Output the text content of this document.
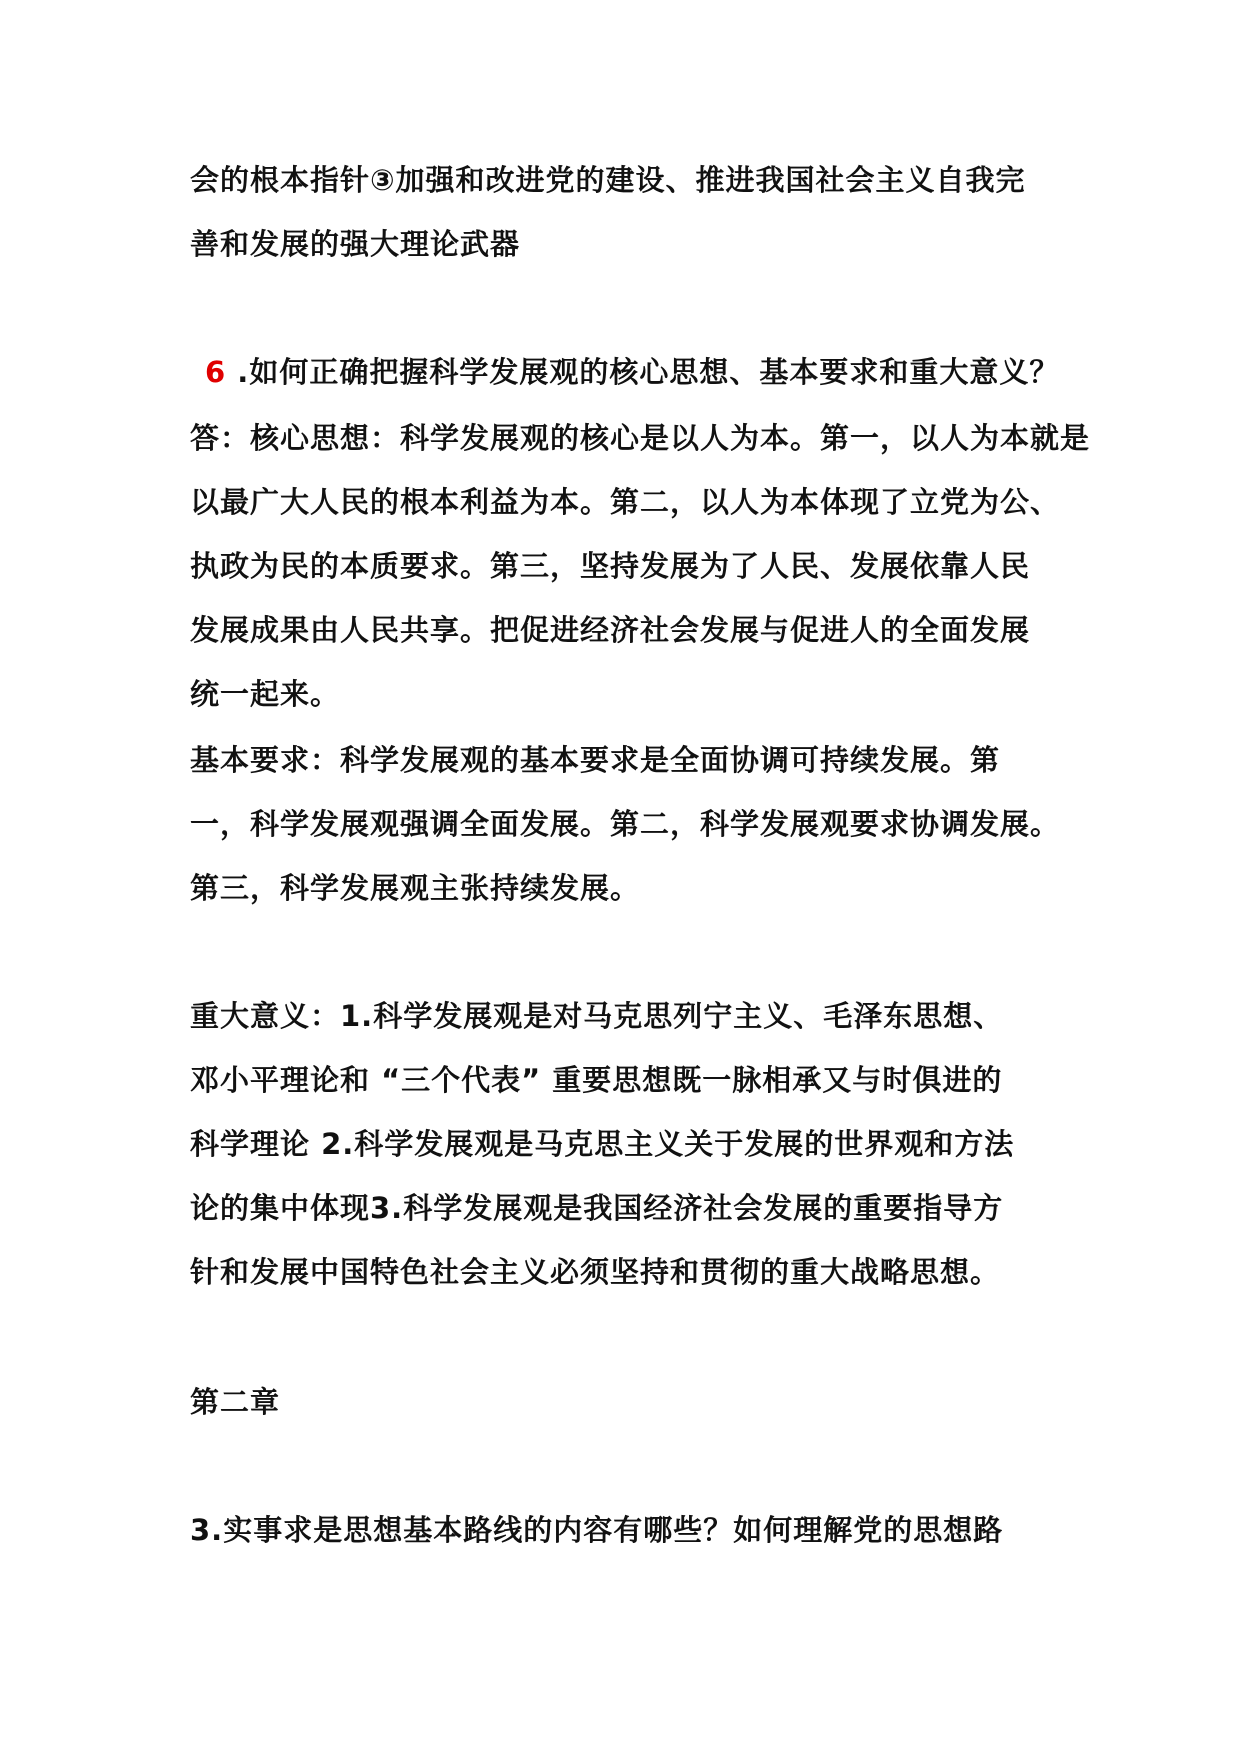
会的根本指针③加强和改进党的建设、推进我国社会主义自我完
善和发展的强大理论武器
6 .如何正确把握科学发展观的核心思想、基本要求和重大意义？
答：核心思想：科学发展观的核心是以人为本。第一，以人为本就是
以最广大人民的根本利益为本。第二，以人为本体现了立党为公、
执政为民的本质要求。第三，坚持发展为了人民、发展依靠人民
发展成果由人民共享。把促进经济社会发展与促进人的全面发展
统一起来。
基本要求：科学发展观的基本要求是全面协调可持续发展。第
一，科学发展观强调全面发展。第二，科学发展观要求协调发展。
第三，科学发展观主张持续发展。
重大意义：1.科学发展观是对马克思列宁主义、毛泽东思想、
邓小平理论和 “三个代表” 重要思想既一脉相承又与时俱进的
科学理论 2.科学发展观是马克思主义关于发展的世界观和方法
论的集中体现3.科学发展观是我国经济社会发展的重要指导方
针和发展中国特色社会主义必须坚持和贯彻的重大战略思想。
第二章
3.实事求是思想基本路线的内容有哪些？如何理解党的思想路
